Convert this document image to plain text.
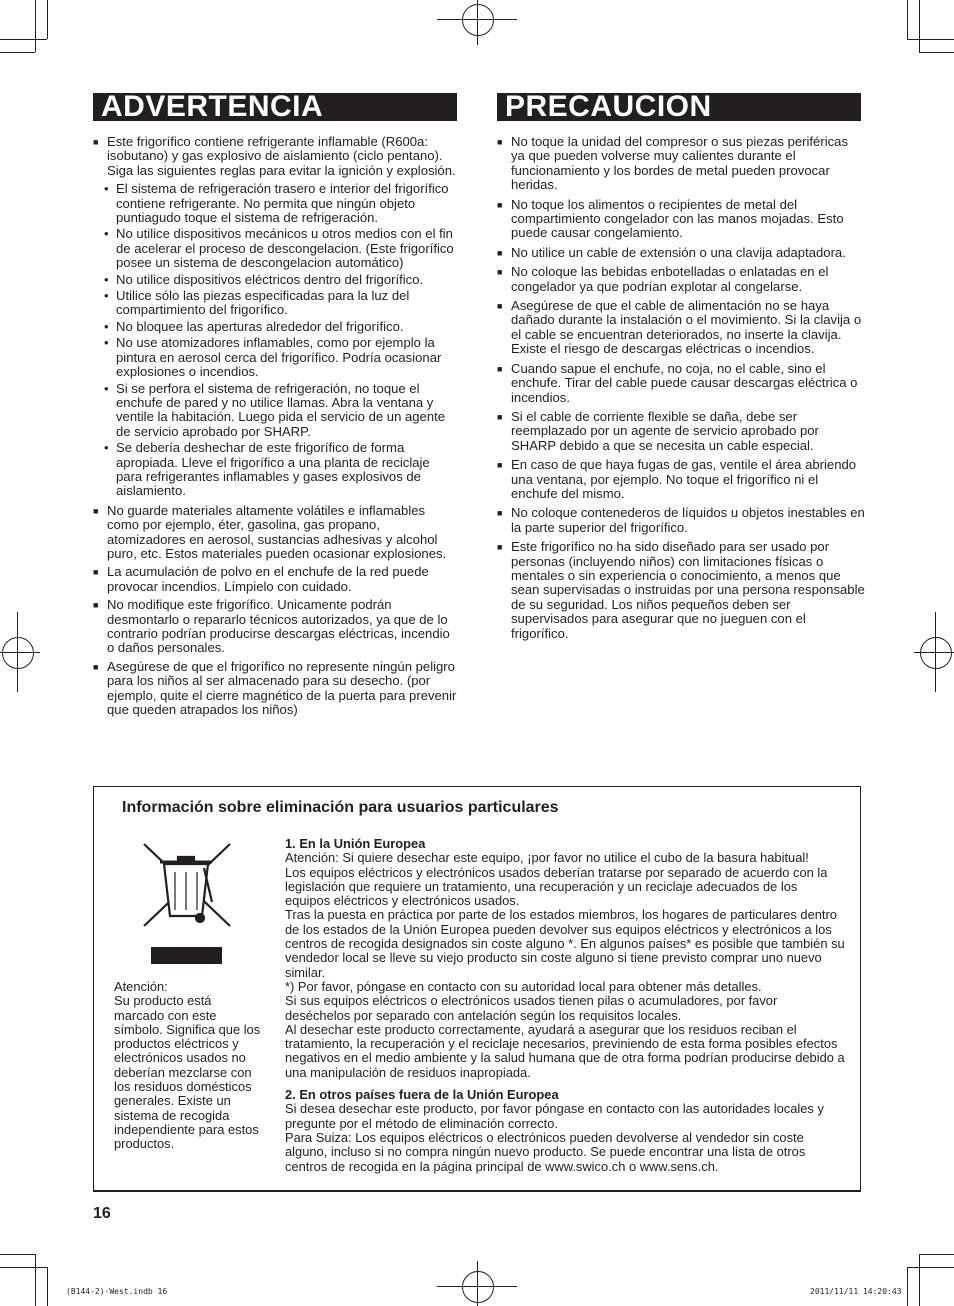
ADVERTENCIA	PRECAUCION
■ Este frigorífico contiene refrigerante inflamable (R600a: isobutano) y gas explosivo de aislamiento (ciclo pentano). Siga las siguientes reglas para evitar la ignición y explosión.
• El sistema de refrigeración trasero e interior del frigorífico contiene refrigerante. No permita que ningún objeto puntiagudo toque el sistema de refrigeración.
• No utilice dispositivos mecánicos u otros medios con el fin de acelerar el proceso de descongelacion. (Este frigorífico posee un sistema de descongelacion automático)
• No utilice dispositivos eléctricos dentro del frigorífico.
• Utilice sólo las piezas especificadas para la luz del compartimiento del frigorífico.
• No bloquee las aperturas alrededor del frigorífico.
• No use atomizadores inflamables, como por ejemplo la pintura en aerosol cerca del frigorífico. Podría ocasionar explosiones o incendios.
• Si se perfora el sistema de refrigeración, no toque el enchufe de pared y no utilice llamas. Abra la ventana y ventile la habitación. Luego pida el servicio de un agente de servicio aprobado por SHARP.
• Se debería deshechar de este frigorífico de forma apropiada. Lleve el frigorífico a una planta de reciclaje para refrigerantes inflamables y gases explosivos de aislamiento.
■ No guarde materiales altamente volátiles e inflamables como por ejemplo, éter, gasolina, gas propano, atomizadores en aerosol, sustancias adhesivas y alcohol puro, etc. Estos materiales pueden ocasionar explosiones.
■ La acumulación de polvo en el enchufe de la red puede provocar incendios. Límpielo con cuidado.
■ No modifique este frigorífico. Unicamente podrán desmontarlo o repararlo técnicos autorizados, ya que de lo contrario podrían producirse descargas eléctricas, incendio o daños personales.
■ Asegúrese de que el frigorífico no represente ningún peligro para los niños al ser almacenado para su desecho. (por ejemplo, quite el cierre magnético de la puerta para prevenir que queden atrapados los niños)
■ No toque la unidad del compresor o sus piezas periféricas ya que pueden volverse muy calientes durante el funcionamiento y los bordes de metal pueden provocar heridas.
■ No toque los alimentos o recipientes de metal del compartimiento congelador con las manos mojadas. Esto puede causar congelamiento.
■ No utilice un cable de extensión o una clavija adaptadora.
■ No coloque las bebidas enbotelladas o enlatadas en el congelador ya que podrían explotar al congelarse.
■ Asegúrese de que el cable de alimentación no se haya dañado durante la instalación o el movimiento. Si la clavija o el cable se encuentran deteriorados, no inserte la clavija. Existe el riesgo de descargas eléctricas o incendios.
■ Cuando sapue el enchufe, no coja, no el cable, sino el enchufe. Tirar del cable puede causar descargas eléctrica o incendios.
■ Si el cable de corriente flexible se daña, debe ser reemplazado por un agente de servicio aprobado por SHARP debido a que se necesita un cable especial.
■ En caso de que haya fugas de gas, ventile el área abriendo una ventana, por ejemplo. No toque el frigorífico ni el enchufe del mismo.
■ No coloque contenederos de líquidos u objetos inestables en la parte superior del frigorífico.
■ Este frigorífico no ha sido diseñado para ser usado por personas (incluyendo niños) con limitaciones físicas o mentales o sin experiencia o conocimiento, a menos que sean supervisadas o instruidas por una persona responsable de su seguridad. Los niños pequeños deben ser supervisados para asegurar que no jueguen con el frigorífico.
Información sobre eliminación para usuarios particulares
Atención:
Su producto está marcado con este símbolo. Significa que los productos eléctricos y electrónicos usados no deberían mezclarse con los residuos domésticos generales. Existe un sistema de recogida independiente para estos productos.
1. En la Unión Europea

Atención: Si quiere desechar este equipo, ¡por favor no utilice el cubo de la basura habitual!

Los equipos eléctricos y electrónicos usados deberían tratarse por separado de acuerdo con la legislación que requiere un tratamiento, una recuperación y un reciclaje adecuados de los equipos eléctricos y electrónicos usados.

Tras la puesta en práctica por parte de los estados miembros, los hogares de particulares dentro de los estados de la Unión Europea pueden devolver sus equipos eléctricos y electrónicos a los centros de recogida designados sin coste alguno *. En algunos países* es posible que también su vendedor local se lleve su viejo producto sin coste alguno si tiene previsto comprar uno nuevo similar.

*) Por favor, póngase en contacto con su autoridad local para obtener más detalles.

Si sus equipos eléctricos o electrónicos usados tienen pilas o acumuladores, por favor deséchelos por separado con antelación según los requisitos locales.

Al desechar este producto correctamente, ayudará a asegurar que los residuos reciban el tratamiento, la recuperación y el reciclaje necesarios, previniendo de esta forma posibles efectos negativos en el medio ambiente y la salud humana que de otra forma podrían producirse debido a una manipulación de residuos inapropiada.

2. En otros países fuera de la Unión Europea

Si desea desechar este producto, por favor póngase en contacto con las autoridades locales y pregunte por el método de eliminación correcto.

Para Suiza: Los equipos eléctricos o electrónicos pueden devolverse al vendedor sin coste alguno, incluso si no compra ningún nuevo producto. Se puede encontrar una lista de otros centros de recogida en la página principal de www.swico.ch o www.sens.ch.

16
(B144-2)-West.indb 16	2011/11/11 14:20:43
